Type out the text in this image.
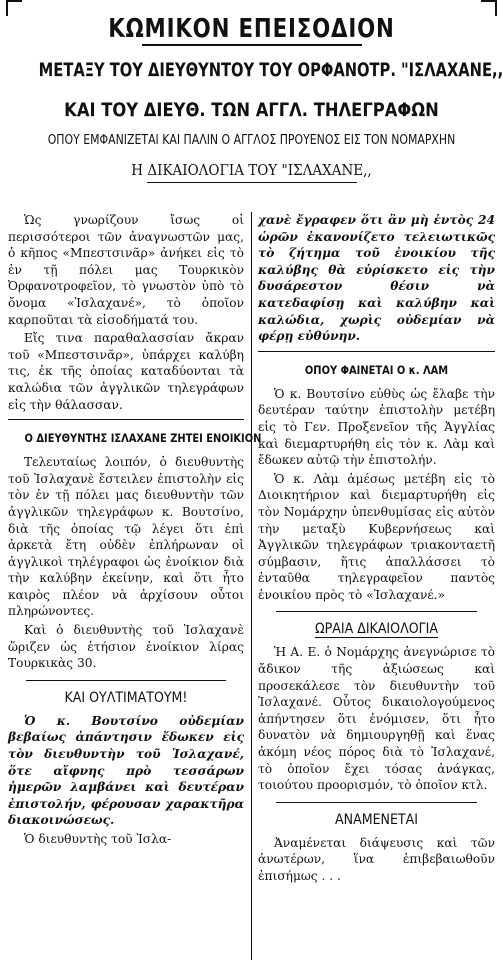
ΚΩΜΙΚΟΝ ΕΠΕΙΣΟΔΙΟΝ
ΜΕΤΑΞΥ ΤΟΥ ΔΙΕΥΘΥΝΤΟΥ ΤΟΥ ΟΡΦΑΝΟΤΡ. "ΙΣΛΑΧΑΝΕ,,
ΚΑΙ ΤΟΥ ΔΙΕΥΘ. ΤΩΝ ΑΓΓΛ. ΤΗΛΕΓΡΑΦΩΝ
ΟΠΟΥ ΕΜΦΑΝΙΖΕΤΑΙ ΚΑΙ ΠΑΛΙΝ Ο ΑΓΓΛΟΣ ΠΡΟΥΕΝΟΣ ΕΙΣ ΤΟΝ ΝΟΜΑΡΧΗΝ
Η ΔΙΚΑΙΟΛΟΓΙΑ ΤΟΥ "ΙΣΛΑΧΑΝΕ,,

Ὡς γνωρίζουν ἴσως οἱ περισσότεροι τῶν ἀναγνωστῶν μας, ὁ κῆπος «Μπεστσινᾶρ» ἀνήκει εἰς τὸ ἐν τῇ πόλει μας Τουρκικὸν Ὀρφανοτροφεῖον, τὸ γνωστὸν ὑπὸ τὸ ὄνομα «Ἰσλαχανέ», τὸ ὁποῖον καρποῦται τὰ εἰσοδήματά του.

Εἴς τινα παραθαλασσίαν ἄκραν τοῦ «Μπεστσινᾶρ», ὑπάρχει καλύβη τις, ἐκ τῆς ὁποίας καταδύονται τὰ καλώδια τῶν ἀγγλικῶν τηλεγράφων εἰς τὴν θάλασσαν.

Ο ΔΙΕΥΘΥΝΤΗΣ ΙΣΛΑΧΑΝΕ ΖΗΤΕΙ ΕΝΟΙΚΙΟΝ

Τελευταίως λοιπόν, ὁ διευθυντὴς τοῦ Ἰσλαχανὲ ἔστειλεν ἐπιστολὴν εἰς τὸν ἐν τῇ πόλει μας διευθυντὴν τῶν ἀγγλικῶν τηλεγράφων κ. Βουτσίνο, διὰ τῆς ὁποίας τῷ λέγει ὅτι ἐπὶ ἀρκετὰ ἔτη οὐδὲν ἐπλήρωναν οἱ ἀγγλικοὶ τηλέγραφοι ὡς ἐνοίκιον διὰ τὴν καλύβην ἐκείνην, καὶ ὅτι ἦτο καιρὸς πλέον νὰ ἀρχίσουν οὗτοι πληρώνοντες.

Καὶ ὁ διευθυντὴς τοῦ Ἰσλαχανὲ ὥριζεν ὡς ἐτήσιον ἐνοίκιον λίρας Τουρκικὰς 30.

ΚΑΙ ΟΥΛΤΙΜΑΤΟΥΜ!

Ὁ κ. Βουτσίνο οὐδεμίαν βεβαίως ἀπάντησιν ἔδωκεν εἰς τὸν διευθυντὴν τοῦ Ἰσλαχανέ, ὅτε αἴφνης πρὸ τεσσάρων ἡμερῶν λαμβάνει καὶ δευτέραν ἐπιστολήν, φέρουσαν χαρακτῆρα διακοινώσεως.

Ὁ διευθυντὴς τοῦ Ἰσλα-

χανὲ ἔγραφεν ὅτι ἂν μὴ ἐντὸς 24 ὡρῶν ἐκανονίζετο τελειωτικῶς τὸ ζήτημα τοῦ ἐνοικίου τῆς καλύβης θὰ εὑρίσκετο εἰς τὴν δυσάρεστον θέσιν νὰ κατεδαφίσῃ καὶ καλύβην καὶ καλώδια, χωρὶς οὐδεμίαν νὰ φέρῃ εὐθύνην.

ΟΠΟΥ ΦΑΙΝΕΤΑΙ Ο κ. ΛΑΜ

Ὁ κ. Βουτσίνο εὐθὺς ὡς ἔλαβε τὴν δευτέραν ταύτην ἐπιστολὴν μετέβη εἰς τὸ Γεν. Προξενεῖον τῆς Ἀγγλίας καὶ διεμαρτυρήθη εἰς τὸν κ. Λὰμ καὶ ἔδωκεν αὐτῷ τὴν ἐπιστολήν.

Ὁ κ. Λὰμ ἀμέσως μετέβη εἰς τὸ Διοικητήριον καὶ διεμαρτυρήθη εἰς τὸν Νομάρχην ὑπενθυμίσας εἰς αὐτὸν τὴν μεταξὺ Κυβερνήσεως καὶ Ἀγγλικῶν τηλεγράφων τριακονταετῆ σύμβασιν, ἥτις ἀπαλλάσσει τὸ ἐνταῦθα τηλεγραφεῖον παντὸς ἐνοικίου πρὸς τὸ «Ἰσλαχανέ.»

ΩΡΑΙΑ ΔΙΚΑΙΟΛΟΓΙΑ

Ἡ Α. Ε. ὁ Νομάρχης ἀνεγνώρισε τὸ ἄδικον τῆς ἀξιώσεως καὶ προσεκάλεσε τὸν διευθυντὴν τοῦ Ἰσλαχανέ. Οὗτος δικαιολογούμενος ἀπήντησεν ὅτι ἐνόμισεν, ὅτι ἦτο δυνατὸν νὰ δημιουργηθῇ καὶ ἕνας ἀκόμη νέος πόρος διὰ τὸ Ἰσλαχανέ, τὸ ὁποῖον ἔχει τόσας ἀνάγκας, τοιούτου προορισμόν, τὸ ὁποῖον κτλ.

ΑΝΑΜΕΝΕΤΑΙ

Ἀναμένεται διάψευσις καὶ τῶν ἀνωτέρων, ἵνα ἐπιβεβαιωθοῦν ἐπισήμως . . .
